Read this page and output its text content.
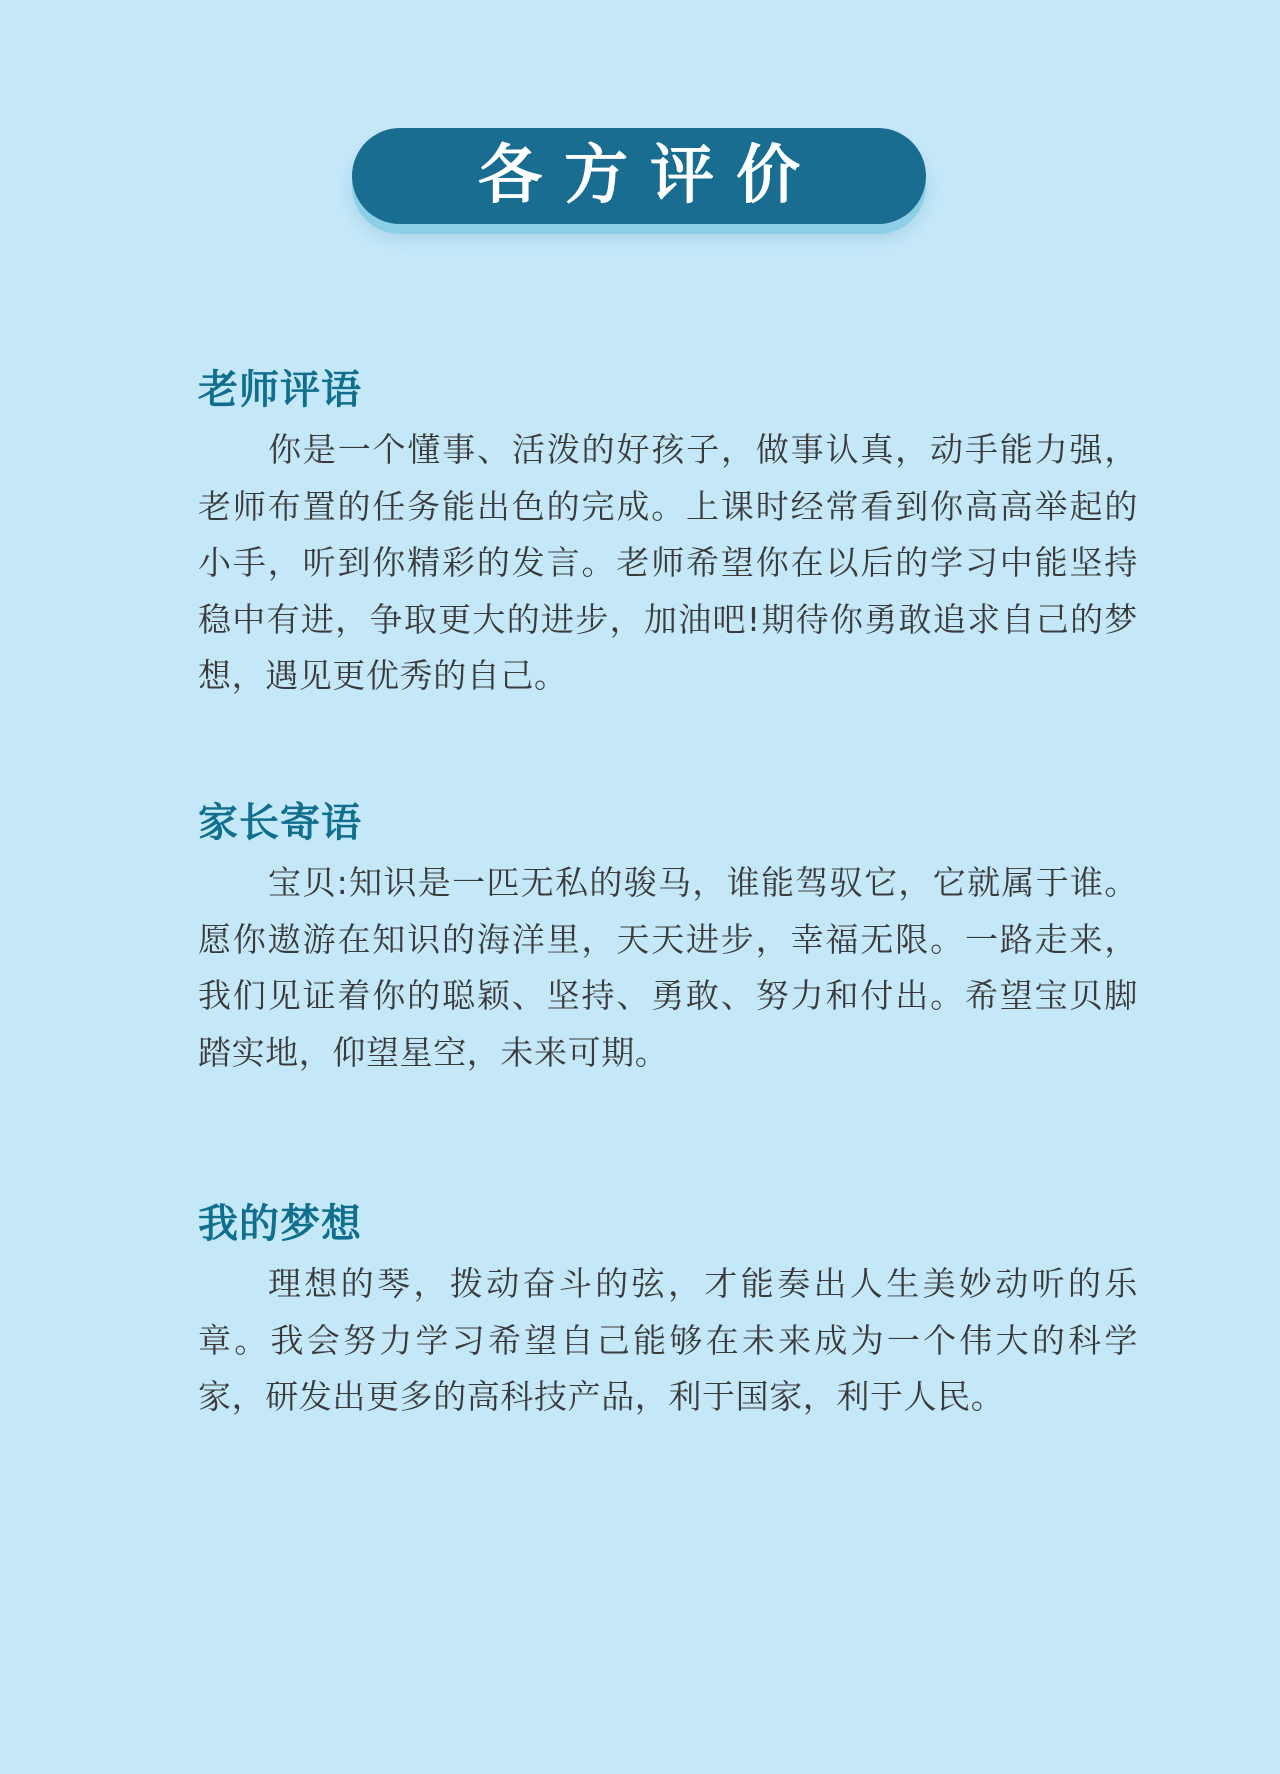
各方评价
老师评语

你是一个懂事、活泼的好孩子，做事认真，动手能力强，老师布置的任务能出色的完成。上课时经常看到你高高举起的小手，听到你精彩的发言。老师希望你在以后的学习中能坚持稳中有进，争取更大的进步，加油吧!期待你勇敢追求自己的梦想，遇见更优秀的自己。

家长寄语

宝贝:知识是一匹无私的骏马，谁能驾驭它，它就属于谁。愿你遨游在知识的海洋里，天天进步，幸福无限。一路走来，我们见证着你的聪颖、坚持、勇敢、努力和付出。希望宝贝脚踏实地，仰望星空，未来可期。

我的梦想

理想的琴，拨动奋斗的弦，才能奏出人生美妙动听的乐章。我会努力学习希望自己能够在未来成为一个伟大的科学家，研发出更多的高科技产品，利于国家，利于人民。
